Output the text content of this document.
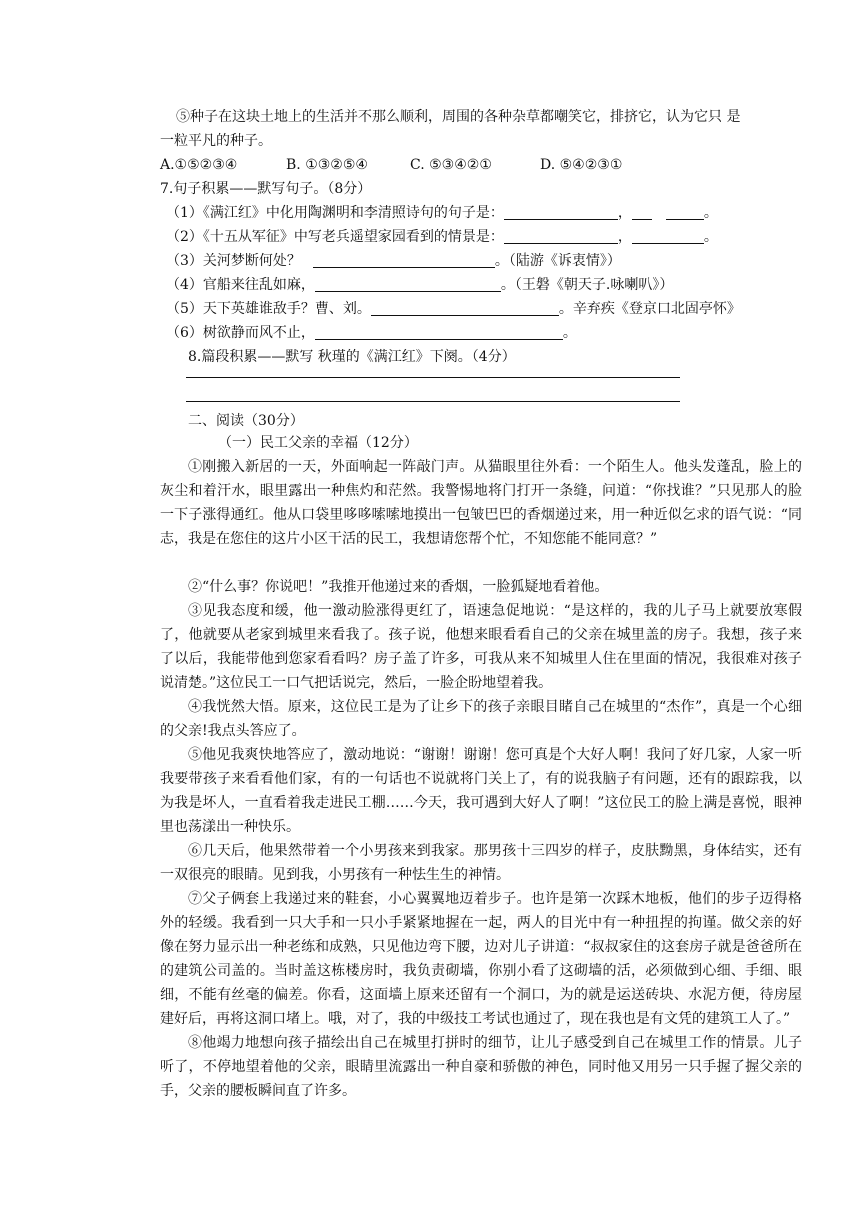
⑤种子在这块土地上的生活并不那么顺利，周围的各种杂草都嘲笑它，排挤它，认为它只 是
一粒平凡的种子。
A.①⑤②③④	B. ①③②⑤④	C. ⑤③④②①	D. ⑤④②③①
7.句子积累——默写句子。（8分）
（1）《满江红》中化用陶渊明和李清照诗句的句子是：	，	。
（2）《十五从军征》中写老兵遥望家园看到的情景是：	，	。
（3）关河梦断何处？	。（陆游《诉衷情》）
（4）官船来往乱如麻，	。（王磐《朝天子.咏喇叭》）
（5）天下英雄谁敌手？曹、刘。	。辛弃疾《登京口北固亭怀》
（6）树欲静而风不止，	。
8.篇段积累——默写 秋瑾的《满江红》下阕。（4分）
二、阅读（30分）
（一）民工父亲的幸福（12分）
①刚搬入新居的一天，外面响起一阵敲门声。从猫眼里往外看：一个陌生人。他头发蓬乱，脸上的灰尘和着汗水，眼里露出一种焦灼和茫然。我警惕地将门打开一条缝，问道：“你找谁？”只见那人的脸一下子涨得通红。他从口袋里哆哆嗦嗦地摸出一包皱巴巴的香烟递过来，用一种近似乞求的语气说：“同志，我是在您住的这片小区干活的民工，我想请您帮个忙，不知您能不能同意？”
②“什么事？你说吧！”我推开他递过来的香烟，一脸狐疑地看着他。
③见我态度和缓，他一激动脸涨得更红了，语速急促地说：“是这样的，我的儿子马上就要放寒假了，他就要从老家到城里来看我了。孩子说，他想来眼看看自己的父亲在城里盖的房子。我想，孩子来了以后，我能带他到您家看看吗？房子盖了许多，可我从来不知城里人住在里面的情况，我很难对孩子说清楚。”这位民工一口气把话说完，然后，一脸企盼地望着我。
④我恍然大悟。原来，这位民工是为了让乡下的孩子亲眼目睹自己在城里的“杰作”，真是一个心细的父亲!我点头答应了。
⑤他见我爽快地答应了，激动地说：“谢谢！谢谢！您可真是个大好人啊！我问了好几家，人家一听我要带孩子来看看他们家，有的一句话也不说就将门关上了，有的说我脑子有问题，还有的跟踪我，以为我是坏人，一直看着我走进民工棚……今天，我可遇到大好人了啊！”这位民工的脸上满是喜悦，眼神里也荡漾出一种快乐。
⑥几天后，他果然带着一个小男孩来到我家。那男孩十三四岁的样子，皮肤黝黑，身体结实，还有一双很亮的眼睛。见到我，小男孩有一种怯生生的神情。
⑦父子俩套上我递过来的鞋套，小心翼翼地迈着步子。也许是第一次踩木地板，他们的步子迈得格外的轻缓。我看到一只大手和一只小手紧紧地握在一起，两人的目光中有一种扭捏的拘谨。做父亲的好像在努力显示出一种老练和成熟，只见他边弯下腰，边对儿子讲道：“叔叔家住的这套房子就是爸爸所在的建筑公司盖的。当时盖这栋楼房时，我负责砌墙，你别小看了这砌墙的活，必须做到心细、手细、眼细，不能有丝毫的偏差。你看，这面墙上原来还留有一个洞口，为的就是运送砖块、水泥方便，待房屋建好后，再将这洞口堵上。哦，对了，我的中级技工考试也通过了，现在我也是有文凭的建筑工人了。”
⑧他竭力地想向孩子描绘出自己在城里打拼时的细节，让儿子感受到自己在城里工作的情景。儿子听了，不停地望着他的父亲，眼睛里流露出一种自豪和骄傲的神色，同时他又用另一只手握了握父亲的手，父亲的腰板瞬间直了许多。
